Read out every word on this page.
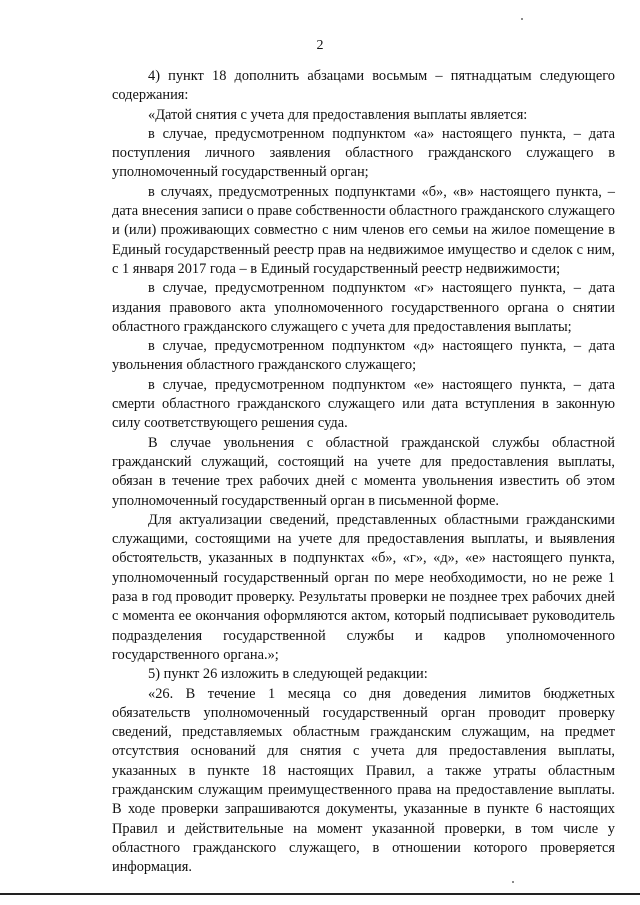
2

4) пункт 18 дополнить абзацами восьмым – пятнадцатым следующего содержания:

«Датой снятия с учета для предоставления выплаты является:

в случае, предусмотренном подпунктом «а» настоящего пункта, – дата поступления личного заявления областного гражданского служащего в уполномоченный государственный орган;

в случаях, предусмотренных подпунктами «б», «в» настоящего пункта, – дата внесения записи о праве собственности областного гражданского служащего и (или) проживающих совместно с ним членов его семьи на жилое помещение в Единый государственный реестр прав на недвижимое имущество и сделок с ним, с 1 января 2017 года – в Единый государственный реестр недвижимости;

в случае, предусмотренном подпунктом «г» настоящего пункта, – дата издания правового акта уполномоченного государственного органа о снятии областного гражданского служащего с учета для предоставления выплаты;

в случае, предусмотренном подпунктом «д» настоящего пункта, – дата увольнения областного гражданского служащего;

в случае, предусмотренном подпунктом «е» настоящего пункта, – дата смерти областного гражданского служащего или дата вступления в законную силу соответствующего решения суда.

В случае увольнения с областной гражданской службы областной гражданский служащий, состоящий на учете для предоставления выплаты, обязан в течение трех рабочих дней с момента увольнения известить об этом уполномоченный государственный орган в письменной форме.

Для актуализации сведений, представленных областными гражданскими служащими, состоящими на учете для предоставления выплаты, и выявления обстоятельств, указанных в подпунктах «б», «г», «д», «е» настоящего пункта, уполномоченный государственный орган по мере необходимости, но не реже 1 раза в год проводит проверку. Результаты проверки не позднее трех рабочих дней с момента ее окончания оформляются актом, который подписывает руководитель подразделения государственной службы и кадров уполномоченного государственного органа.»;

5) пункт 26 изложить в следующей редакции:

«26. В течение 1 месяца со дня доведения лимитов бюджетных обязательств уполномоченный государственный орган проводит проверку сведений, представляемых областным гражданским служащим, на предмет отсутствия оснований для снятия с учета для предоставления выплаты, указанных в пункте 18 настоящих Правил, а также утраты областным гражданским служащим преимущественного права на предоставление выплаты. В ходе проверки запрашиваются документы, указанные в пункте 6 настоящих Правил и действительные на момент указанной проверки, в том числе у областного гражданского служащего, в отношении которого проверяется информация.
